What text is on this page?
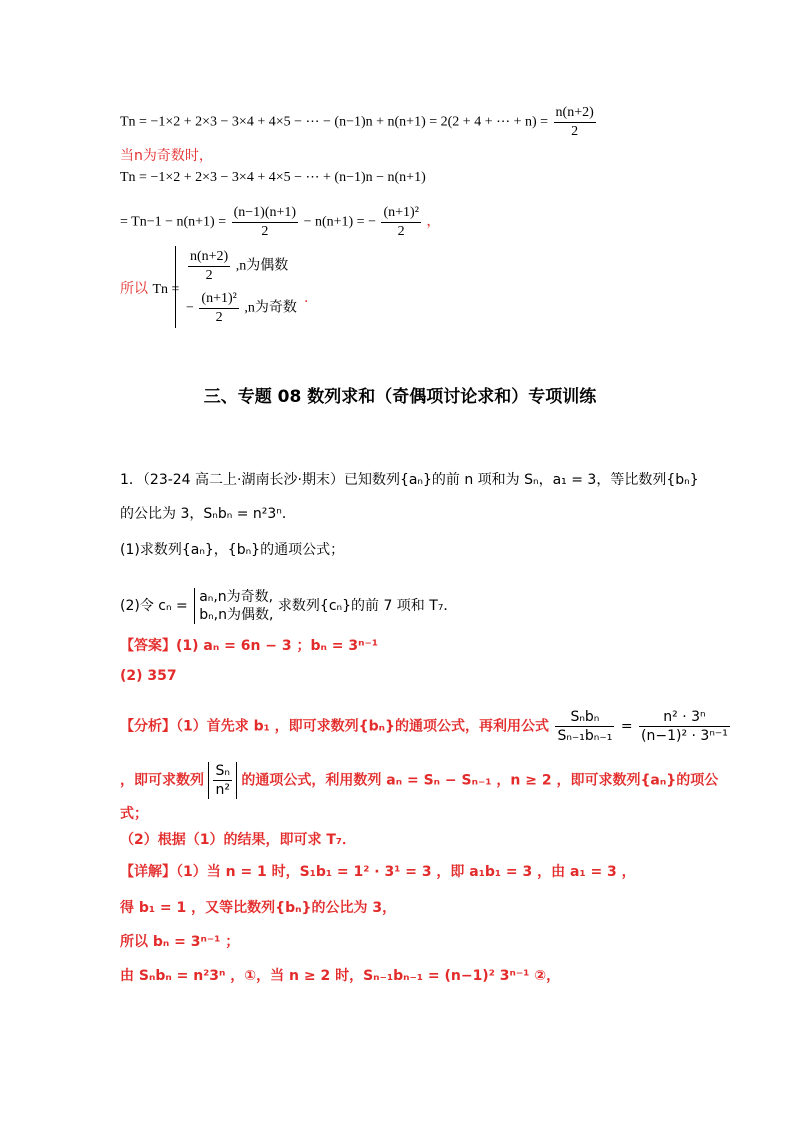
Tn = −1×2 + 2×3 − 3×4 + 4×5 − ⋯ − (n−1)n + n(n+1) = 2(2 + 4 + ⋯ + $n) = \frac{n(n+2)}{2}$
当n为奇数时，
Tn = −1×2 + 2×3 − 3×4 + 4×5 − ⋯ + (n−1)n − n(n+1)
= $Tn-1 - n(n+1) = \frac{(n-1)(n+1)}{2} - n(n+1)$ = − $\frac{\text{(n+1)²}}{2}$ ，
所以 Tn =
$\frac{n(n+2)}{2} ,n$为偶数
− $\frac{\text{(n+1)²}}{2} ,n$为奇数
.
三、专题 08 数列求和（奇偶项讨论求和）专项训练
1．（23-24 高二上·湖南长沙·期末）已知数列{aₙ}的前 n 项和为 Sₙ，a₁ = 3，等比数列{bₙ}
的公比为 3，Sₙbₙ = n²3ⁿ．
(1)求数列{aₙ}，{bₙ}的通项公式；
(2)令 cₙ =
aₙ,n为奇数,
bₙ,n为偶数,
求数列{cₙ}的前 7 项和 T₇．
【答案】(1) aₙ = 6n − 3 ；bₙ = 3ⁿ⁻¹
(2) 357
【分析】（1）首先求 b₁ ，即可求数列{bₙ}的通项公式，再利用公式 $\frac{\text{Sₙbₙ}}{\text{Sₙ₋₁bₙ₋₁}} = \frac{\text{n² · 3ⁿ}}{\text{(n−1)² · 3ⁿ⁻¹}}$
，即可求数列 $\frac{\text{Sₙ}}{\text{n²}}$ 的通项公式，利用数列 aₙ = Sₙ − Sₙ₋₁ ，n ≥ 2 ，即可求数列{aₙ}的项公
式；
（2）根据（1）的结果，即可求 T₇．
【详解】（1）当 n = 1 时，S₁b₁ = 1² · 3¹ = 3 ，即 a₁b₁ = 3 ，由 a₁ = 3 ，
得 b₁ = 1 ，又等比数列{bₙ}的公比为 3，
所以 bₙ = 3ⁿ⁻¹ ；
由 Sₙbₙ = n²3ⁿ ，①，当 n ≥ 2 时，Sₙ₋₁bₙ₋₁ = (n−1)² 3ⁿ⁻¹ ②，
